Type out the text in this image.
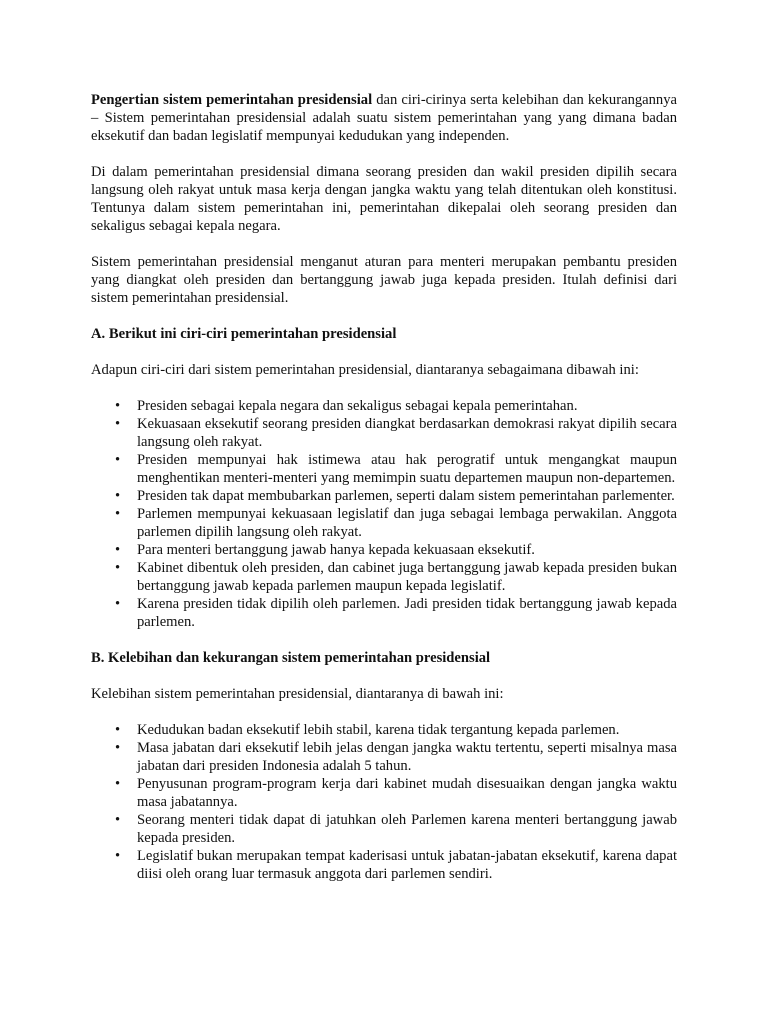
Pengertian sistem pemerintahan presidensial dan ciri-cirinya serta kelebihan dan kekurangannya – Sistem pemerintahan presidensial adalah suatu sistem pemerintahan yang yang dimana badan eksekutif dan badan legislatif mempunyai kedudukan yang independen.

Di dalam pemerintahan presidensial dimana seorang presiden dan wakil presiden dipilih secara langsung oleh rakyat untuk masa kerja dengan jangka waktu yang telah ditentukan oleh konstitusi. Tentunya dalam sistem pemerintahan ini, pemerintahan dikepalai oleh seorang presiden dan sekaligus sebagai kepala negara.

Sistem pemerintahan presidensial menganut aturan para menteri merupakan pembantu presiden yang diangkat oleh presiden dan bertanggung jawab juga kepada presiden. Itulah definisi dari sistem pemerintahan presidensial.

A. Berikut ini ciri-ciri pemerintahan presidensial

Adapun ciri-ciri dari sistem pemerintahan presidensial, diantaranya sebagaimana dibawah ini:

• Presiden sebagai kepala negara dan sekaligus sebagai kepala pemerintahan.
• Kekuasaan eksekutif seorang presiden diangkat berdasarkan demokrasi rakyat dipilih secara langsung oleh rakyat.
• Presiden mempunyai hak istimewa atau hak perogratif untuk mengangkat maupun menghentikan menteri-menteri yang memimpin suatu departemen maupun non-departemen.
• Presiden tak dapat membubarkan parlemen, seperti dalam sistem pemerintahan parlementer.
• Parlemen mempunyai kekuasaan legislatif dan juga sebagai lembaga perwakilan. Anggota parlemen dipilih langsung oleh rakyat.
• Para menteri bertanggung jawab hanya kepada kekuasaan eksekutif.
• Kabinet dibentuk oleh presiden, dan cabinet juga bertanggung jawab kepada presiden bukan bertanggung jawab kepada parlemen maupun kepada legislatif.
• Karena presiden tidak dipilih oleh parlemen. Jadi presiden tidak bertanggung jawab kepada parlemen.
B. Kelebihan dan kekurangan sistem pemerintahan presidensial

Kelebihan sistem pemerintahan presidensial, diantaranya di bawah ini:

• Kedudukan badan eksekutif lebih stabil, karena tidak tergantung kepada parlemen.
• Masa jabatan dari eksekutif lebih jelas dengan jangka waktu tertentu, seperti misalnya masa jabatan dari presiden Indonesia adalah 5 tahun.
• Penyusunan program-program kerja dari kabinet mudah disesuaikan dengan jangka waktu masa jabatannya.
• Seorang menteri tidak dapat di jatuhkan oleh Parlemen karena menteri bertanggung jawab kepada presiden.
• Legislatif bukan merupakan tempat kaderisasi untuk jabatan-jabatan eksekutif, karena dapat diisi oleh orang luar termasuk anggota dari parlemen sendiri.
